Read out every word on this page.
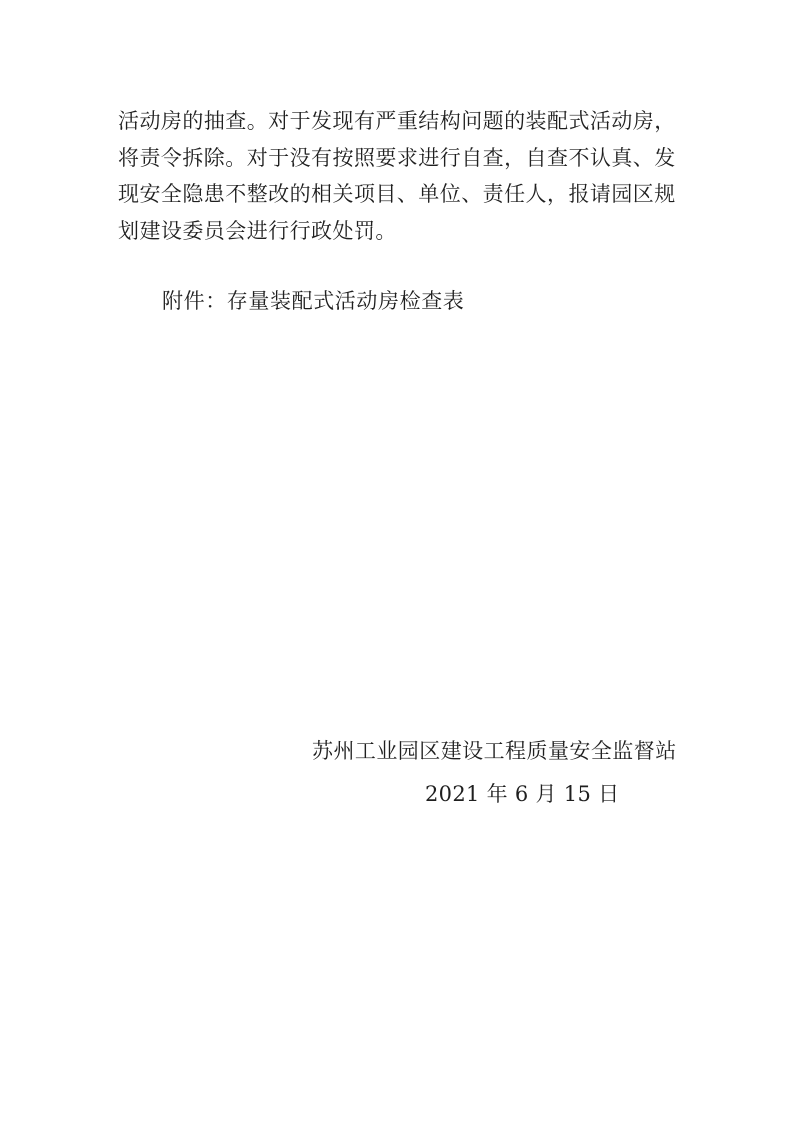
活动房的抽查。对于发现有严重结构问题的装配式活动房，
将责令拆除。对于没有按照要求进行自查，自查不认真、发
现安全隐患不整改的相关项目、单位、责任人，报请园区规
划建设委员会进行行政处罚。
附件：存量装配式活动房检查表
苏州工业园区建设工程质量安全监督站
2021 年 6 月 15 日
